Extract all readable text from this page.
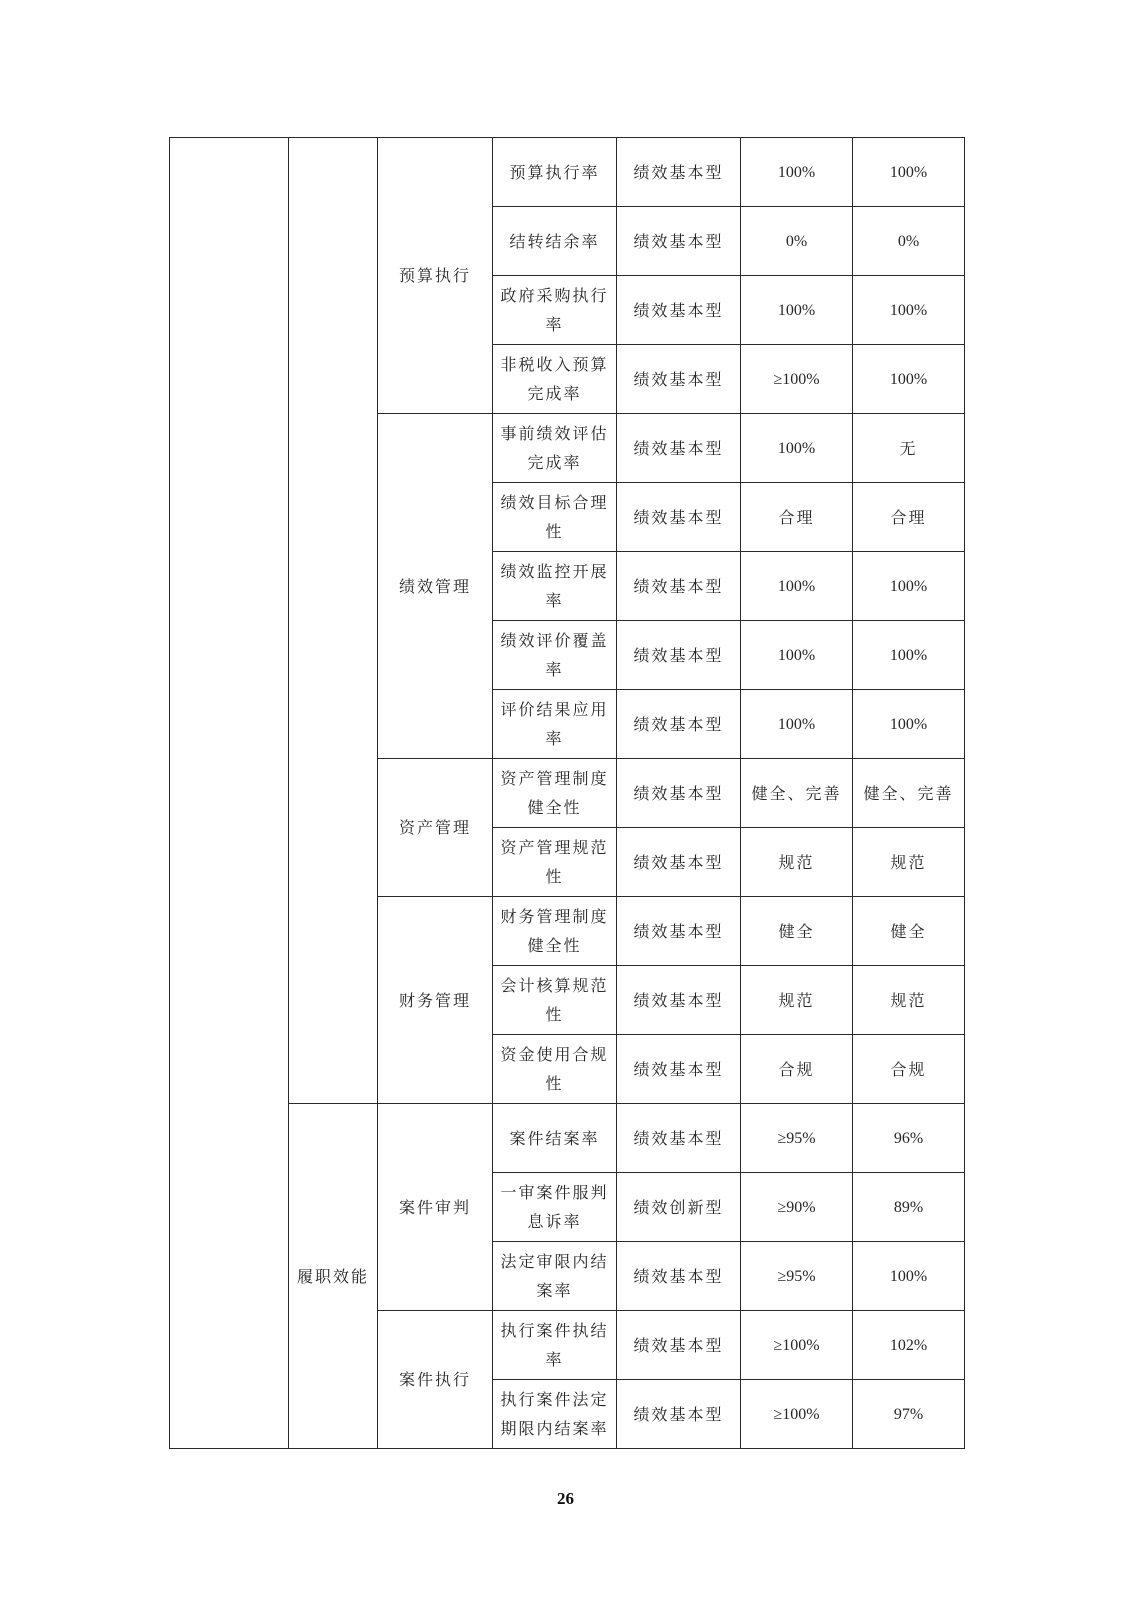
		预算执行	预算执行率	绩效基本型	100%	100%
			结转结余率	绩效基本型	0%	0%
			政府采购执行率	绩效基本型	100%	100%
			非税收入预算完成率	绩效基本型	≥100%	100%
		绩效管理	事前绩效评估完成率	绩效基本型	100%	无
			绩效目标合理性	绩效基本型	合理	合理
			绩效监控开展率	绩效基本型	100%	100%
			绩效评价覆盖率	绩效基本型	100%	100%
			评价结果应用率	绩效基本型	100%	100%
		资产管理	资产管理制度健全性	绩效基本型	健全、完善	健全、完善
			资产管理规范性	绩效基本型	规范	规范
		财务管理	财务管理制度健全性	绩效基本型	健全	健全
			会计核算规范性	绩效基本型	规范	规范
			资金使用合规性	绩效基本型	合规	合规
	履职效能	案件审判	案件结案率	绩效基本型	≥95%	96%
			一审案件服判息诉率	绩效创新型	≥90%	89%
			法定审限内结案率	绩效基本型	≥95%	100%
		案件执行	执行案件执结率	绩效基本型	≥100%	102%
			执行案件法定期限内结案率	绩效基本型	≥100%	97%
26
